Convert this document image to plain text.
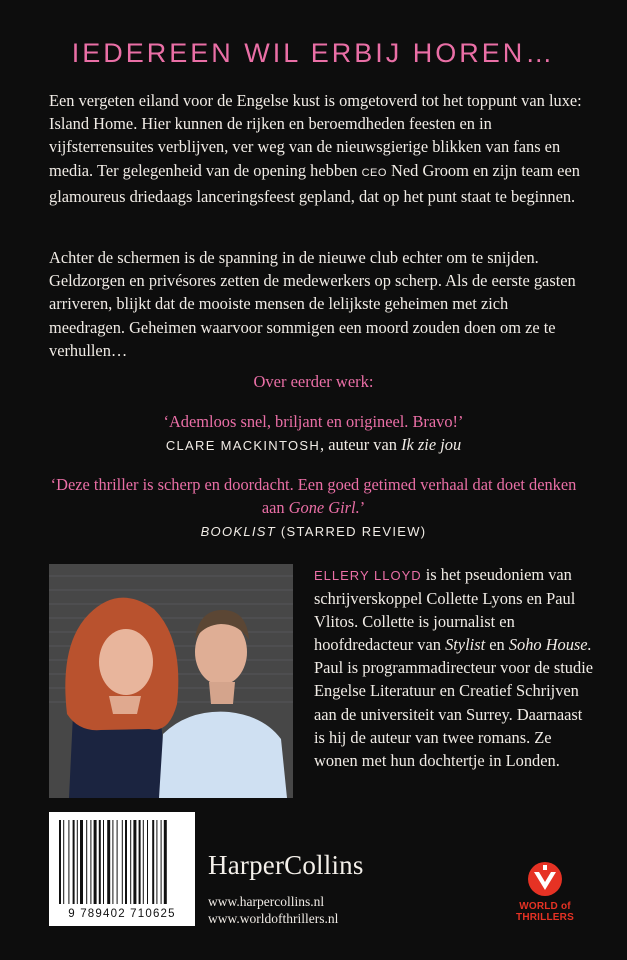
IEDEREEN WIL ERBIJ HOREN…
Een vergeten eiland voor de Engelse kust is omgetoverd tot het toppunt van luxe: Island Home. Hier kunnen de rijken en beroemdheden feesten en in vijfsterrensuites verblijven, ver weg van de nieuwsgierige blikken van fans en media. Ter gelegenheid van de opening hebben CEO Ned Groom en zijn team een glamoureus driedaags lanceringsfeest gepland, dat op het punt staat te beginnen.
Achter de schermen is de spanning in de nieuwe club echter om te snijden. Geldzorgen en privésores zetten de medewerkers op scherp. Als de eerste gasten arriveren, blijkt dat de mooiste mensen de lelijkste geheimen met zich meedragen. Geheimen waarvoor sommigen een moord zouden doen om ze te verhullen…
Over eerder werk:
‘Ademloos snel, briljant en origineel. Bravo!’
CLARE MACKINTOSH, auteur van Ik zie jou
‘Deze thriller is scherp en doordacht. Een goed getimed verhaal dat doet denken aan Gone Girl.’
BOOKLIST (STARRED REVIEW)
ELLERY LLOYD is het pseudoniem van schrijverskoppel Collette Lyons en Paul Vlitos. Collette is journalist en hoofdredacteur van Stylist en Soho House. Paul is programmadirecteur voor de studie Engelse Literatuur en Creatief Schrijven aan de universiteit van Surrey. Daarnaast is hij de auteur van twee romans. Ze wonen met hun dochtertje in Londen.
9 789402 710625
HarperCollins
www.harpercollins.nl
www.worldofthrillers.nl
WORLD of
THRILLERS
